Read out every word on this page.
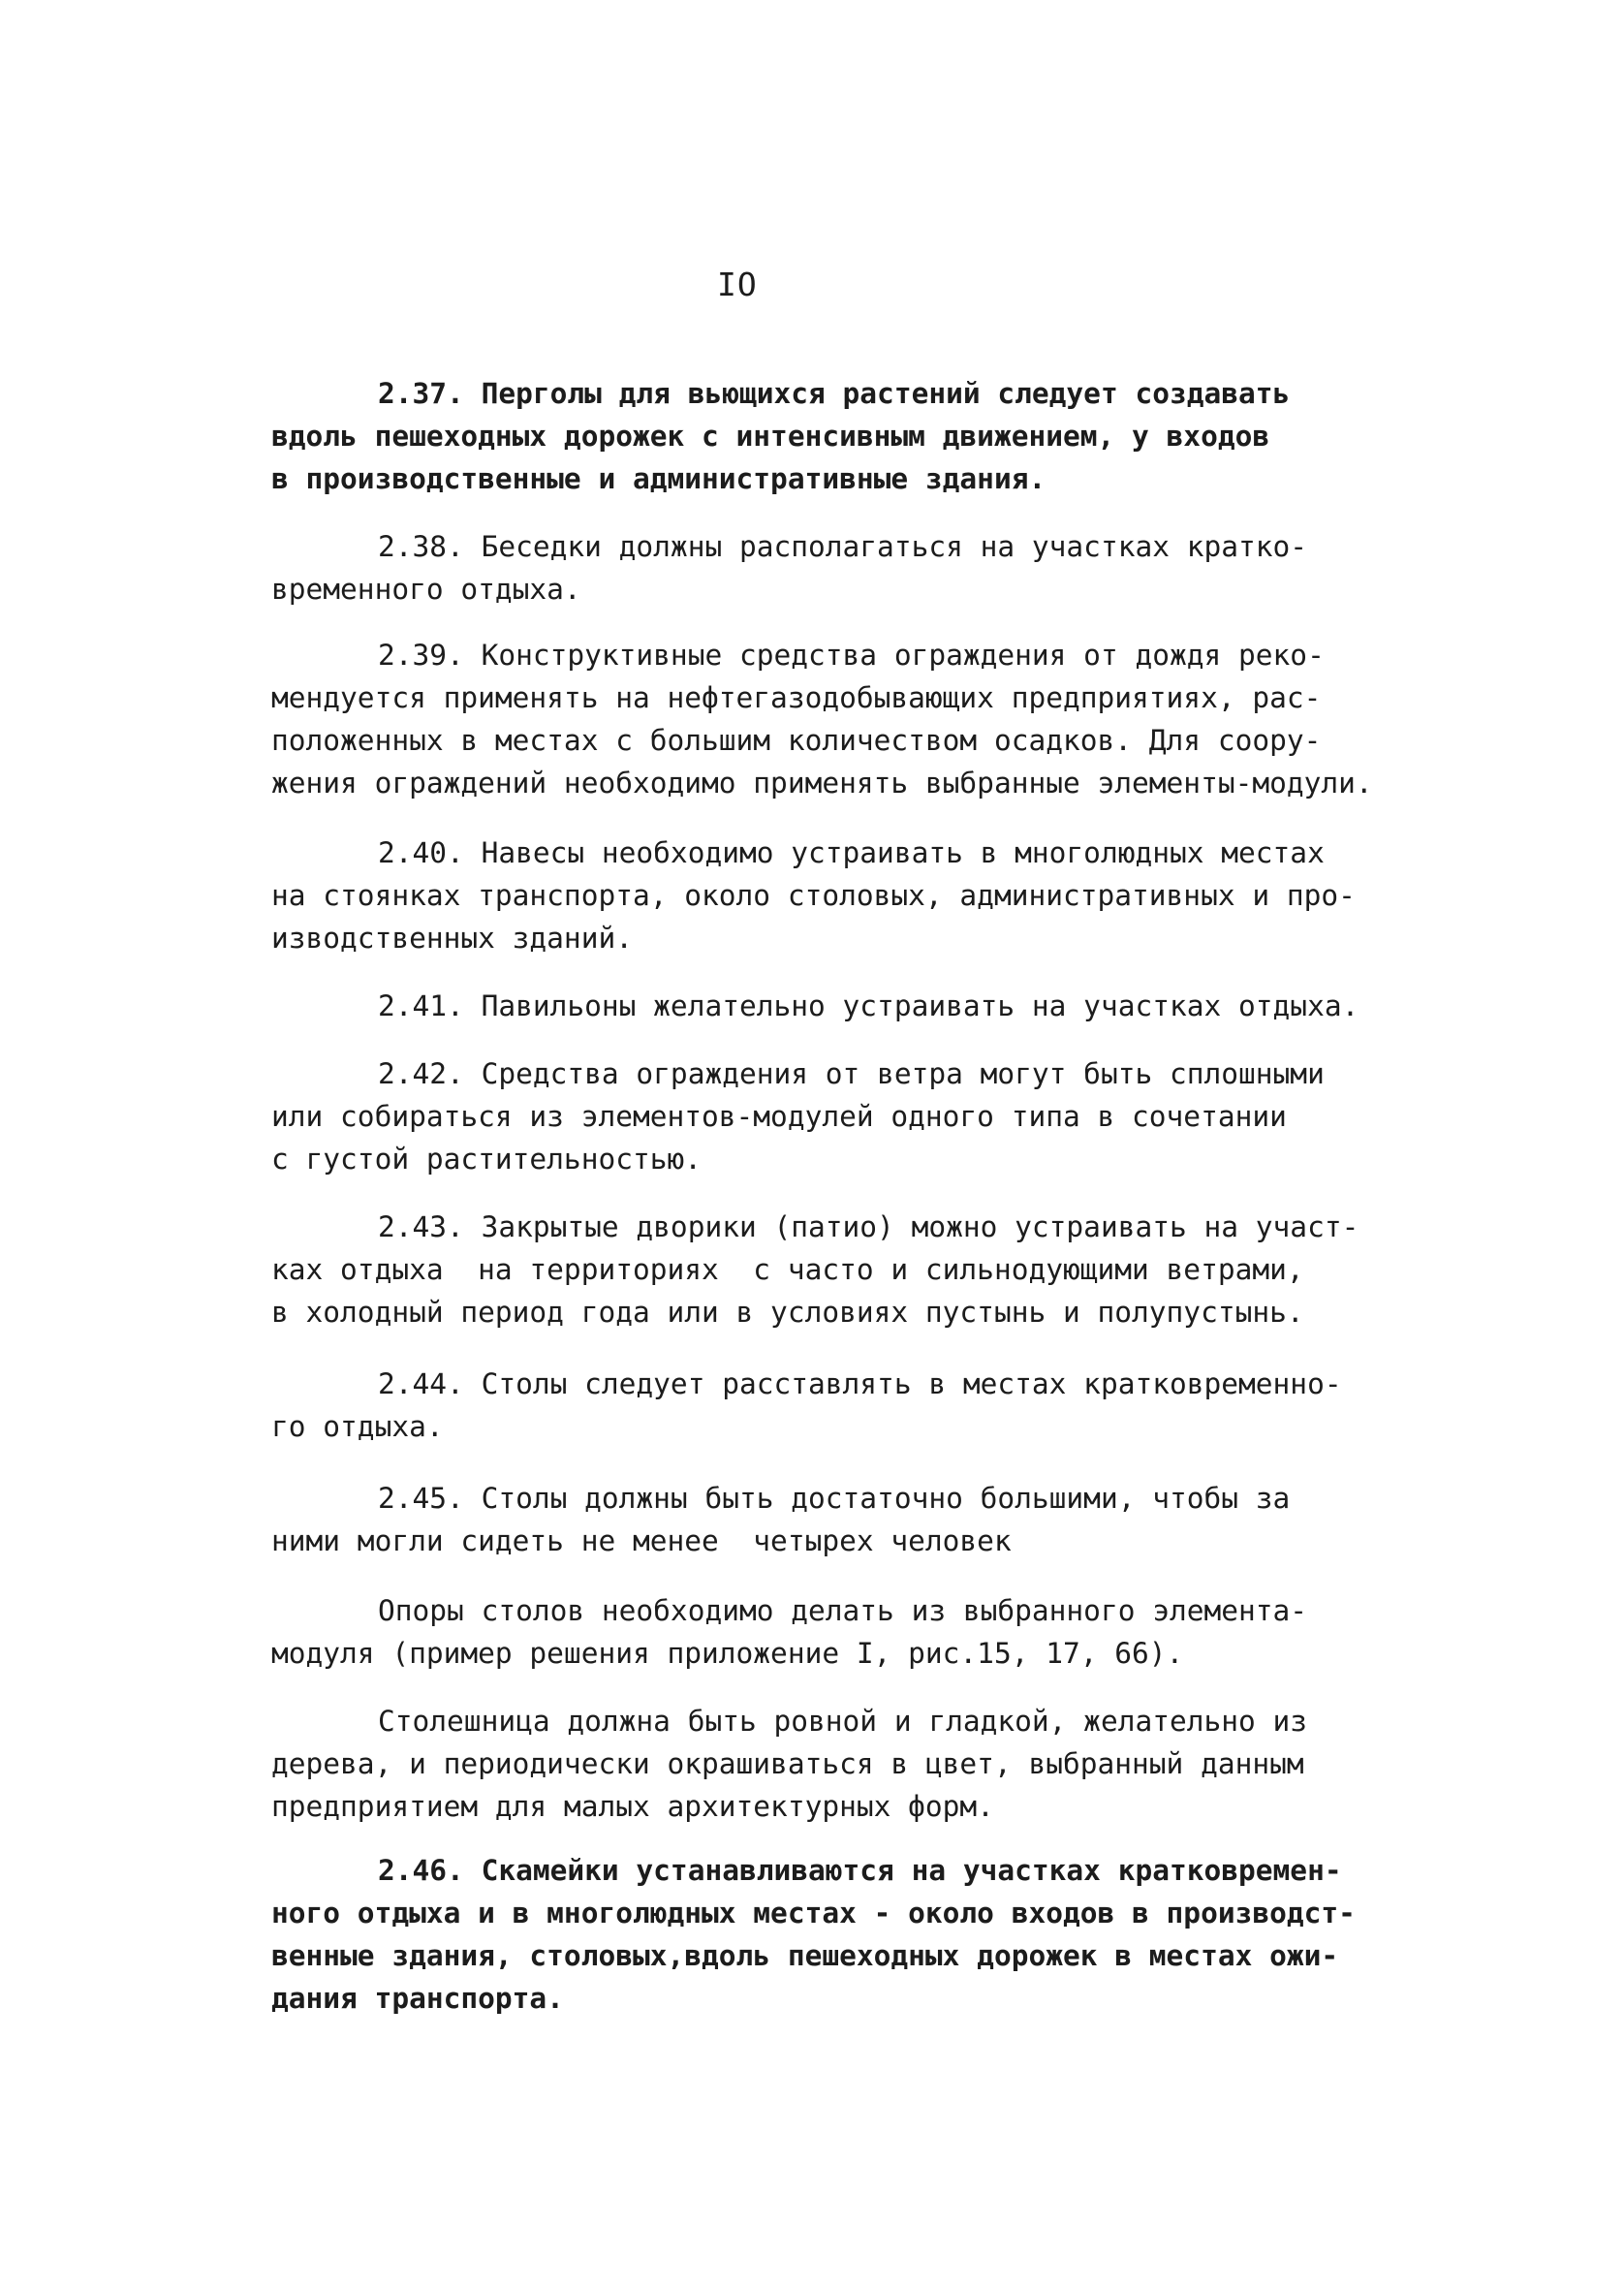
IO
2.37. Перголы для вьющихся растений следует создавать
вдоль пешеходных дорожек с интенсивным движением, у входов
в производственные и административные здания.
2.38. Беседки должны располагаться на участках кратко-
временного отдыха.
2.39. Конструктивные средства ограждения от дождя реко-
мендуется применять на нефтегазодобывающих предприятиях, рас-
положенных в местах с большим количеством осадков. Для соору-
жения ограждений необходимо применять выбранные элементы-модули.
2.40. Навесы необходимо устраивать в многолюдных местах
на стоянках транспорта, около столовых, административных и про-
изводственных зданий.
2.41. Павильоны желательно устраивать на участках отдыха.
2.42. Средства ограждения от ветра могут быть сплошными
или собираться из элементов-модулей одного типа в сочетании
с густой растительностью.
2.43. Закрытые дворики (патио) можно устраивать на участ-
ках отдыха  на территориях  с часто и сильнодующими ветрами,
в холодный период года или в условиях пустынь и полупустынь.
2.44. Столы следует расставлять в местах кратковременно-
го отдыха.
2.45. Столы должны быть достаточно большими, чтобы за
ними могли сидеть не менее  четырех человек
Опоры столов необходимо делать из выбранного элемента-
модуля (пример решения приложение I, рис.15, 17, 66).
Столешница должна быть ровной и гладкой, желательно из
дерева, и периодически окрашиваться в цвет, выбранный данным
предприятием для малых архитектурных форм.
2.46. Скамейки устанавливаются на участках кратковремен-
ного отдыха и в многолюдных местах - около входов в производст-
венные здания, столовых,вдоль пешеходных дорожек в местах ожи-
дания транспорта.
